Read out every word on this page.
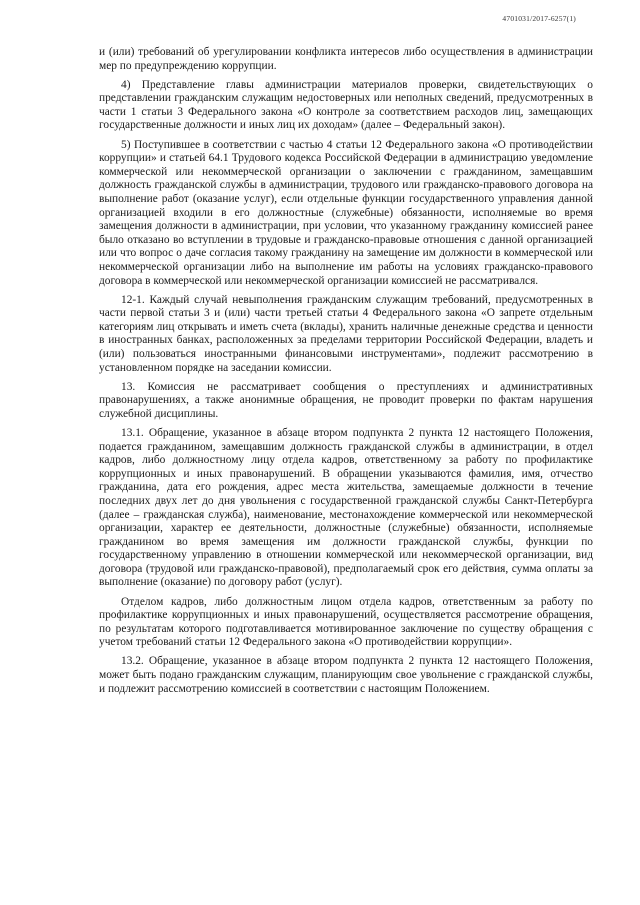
4701031/2017-6257(1)

и (или) требований об урегулировании конфликта интересов либо осуществления в администрации мер по предупреждению коррупции.

4) Представление главы администрации материалов проверки, свидетельствующих о представлении гражданским служащим недостоверных или неполных сведений, предусмотренных в части 1 статьи 3 Федерального закона «О контроле за соответствием расходов лиц, замещающих государственные должности и иных лиц их доходам» (далее – Федеральный закон).

5) Поступившее в соответствии с частью 4 статьи 12 Федерального закона «О противодействии коррупции» и статьей 64.1 Трудового кодекса Российской Федерации в администрацию уведомление коммерческой или некоммерческой организации о заключении с гражданином, замещавшим должность гражданской службы в администрации, трудового или гражданско-правового договора на выполнение работ (оказание услуг), если отдельные функции государственного управления данной организацией входили в его должностные (служебные) обязанности, исполняемые во время замещения должности в администрации, при условии, что указанному гражданину комиссией ранее было отказано во вступлении в трудовые и гражданско-правовые отношения с данной организацией или что вопрос о даче согласия такому гражданину на замещение им должности в коммерческой или некоммерческой организации либо на выполнение им работы на условиях гражданско-правового договора в коммерческой или некоммерческой организации комиссией не рассматривался.

12-1. Каждый случай невыполнения гражданским служащим требований, предусмотренных в части первой статьи 3 и (или) части третьей статьи 4 Федерального закона «О запрете отдельным категориям лиц открывать и иметь счета (вклады), хранить наличные денежные средства и ценности в иностранных банках, расположенных за пределами территории Российской Федерации, владеть и (или) пользоваться иностранными финансовыми инструментами», подлежит рассмотрению в установленном порядке на заседании комиссии.

13. Комиссия не рассматривает сообщения о преступлениях и административных правонарушениях, а также анонимные обращения, не проводит проверки по фактам нарушения служебной дисциплины.

13.1. Обращение, указанное в абзаце втором подпункта 2 пункта 12 настоящего Положения, подается гражданином, замещавшим должность гражданской службы в администрации, в отдел кадров, либо должностному лицу отдела кадров, ответственному за работу по профилактике коррупционных и иных правонарушений. В обращении указываются фамилия, имя, отчество гражданина, дата его рождения, адрес места жительства, замещаемые должности в течение последних двух лет до дня увольнения с государственной гражданской службы Санкт-Петербурга (далее – гражданская служба), наименование, местонахождение коммерческой или некоммерческой организации, характер ее деятельности, должностные (служебные) обязанности, исполняемые гражданином во время замещения им должности гражданской службы, функции по государственному управлению в отношении коммерческой или некоммерческой организации, вид договора (трудовой или гражданско-правовой), предполагаемый срок его действия, сумма оплаты за выполнение (оказание) по договору работ (услуг).

Отделом кадров, либо должностным лицом отдела кадров, ответственным за работу по профилактике коррупционных и иных правонарушений, осуществляется рассмотрение обращения, по результатам которого подготавливается мотивированное заключение по существу обращения с учетом требований статьи 12 Федерального закона «О противодействии коррупции».

13.2. Обращение, указанное в абзаце втором подпункта 2 пункта 12 настоящего Положения, может быть подано гражданским служащим, планирующим свое увольнение с гражданской службы, и подлежит рассмотрению комиссией в соответствии с настоящим Положением.
